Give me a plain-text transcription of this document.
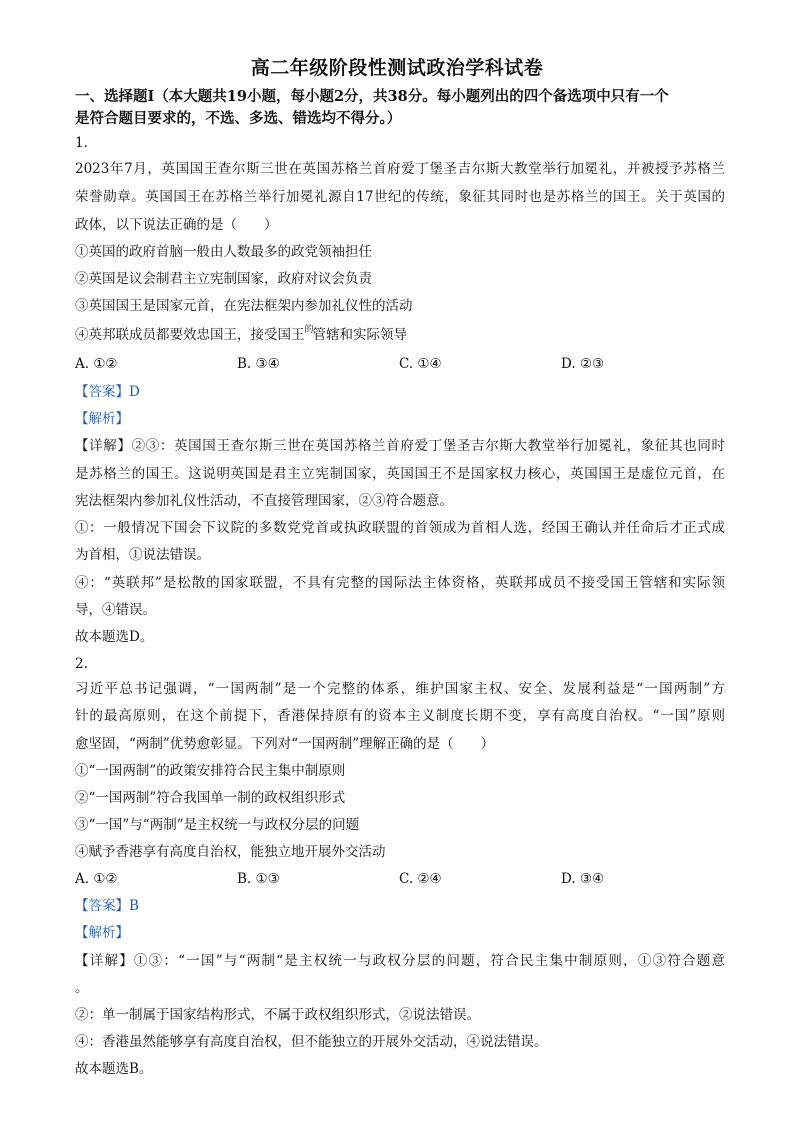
高二年级阶段性测试政治学科试卷
一、选择题Ⅰ（本大题共19小题，每小题2分，共38分。每小题列出的四个备选项中只有一个
是符合题目要求的，不选、多选、错选均不得分。）
1.
2023年7月，英国国王查尔斯三世在英国苏格兰首府爱丁堡圣吉尔斯大教堂举行加冕礼，并被授予苏格兰
荣誉勋章。英国国王在苏格兰举行加冕礼源自17世纪的传统，象征其同时也是苏格兰的国王。关于英国的
政体，以下说法正确的是（　　）
①英国的政府首脑一般由人数最多的政党领袖担任
②英国是议会制君主立宪制国家，政府对议会负责
③英国国王是国家元首，在宪法框架内参加礼仪性的活动
④英邦联成员都要效忠国王，接受国王$^的$管辖和实际领导
A. ①②	B. ③④	C. ①④	D. ②③
【答案】D
【解析】
【详解】②③：英国国王查尔斯三世在英国苏格兰首府爱丁堡圣吉尔斯大教堂举行加冕礼，象征其也同时
是苏格兰的国王。这说明英国是君主立宪制国家，英国国王不是国家权力核心，英国国王是虚位元首，在
宪法框架内参加礼仪性活动，不直接管理国家，②③符合题意。
①：一般情况下国会下议院的多数党党首或执政联盟的首领成为首相人选，经国王确认并任命后才正式成
为首相，①说法错误。
④：“英联邦”是松散的国家联盟，不具有完整的国际法主体资格，英联邦成员不接受国王管辖和实际领
导，④错误。
故本题选D。
2.
习近平总书记强调，“一国两制”是一个完整的体系，维护国家主权、安全、发展利益是“一国两制”方
针的最高原则，在这个前提下，香港保持原有的资本主义制度长期不变，享有高度自治权。“一国”原则
愈坚固，“两制”优势愈彰显。下列对“一国两制”理解正确的是（　　）
①“一国两制”的政策安排符合民主集中制原则
②“一国两制”符合我国单一制的政权组织形式
③“一国”与“两制”是主权统一与政权分层的问题
④赋予香港享有高度自治权，能独立地开展外交活动
A. ①②	B. ①③	C. ②④	D. ③④
【答案】B
【解析】
【详解】①③：“一国”与“两制“是主权统一与政权分层的问题，符合民主集中制原则，①③符合题意
。
②：单一制属于国家结构形式，不属于政权组织形式，②说法错误。
④：香港虽然能够享有高度自治权，但不能独立的开展外交活动，④说法错误。
故本题选B。
